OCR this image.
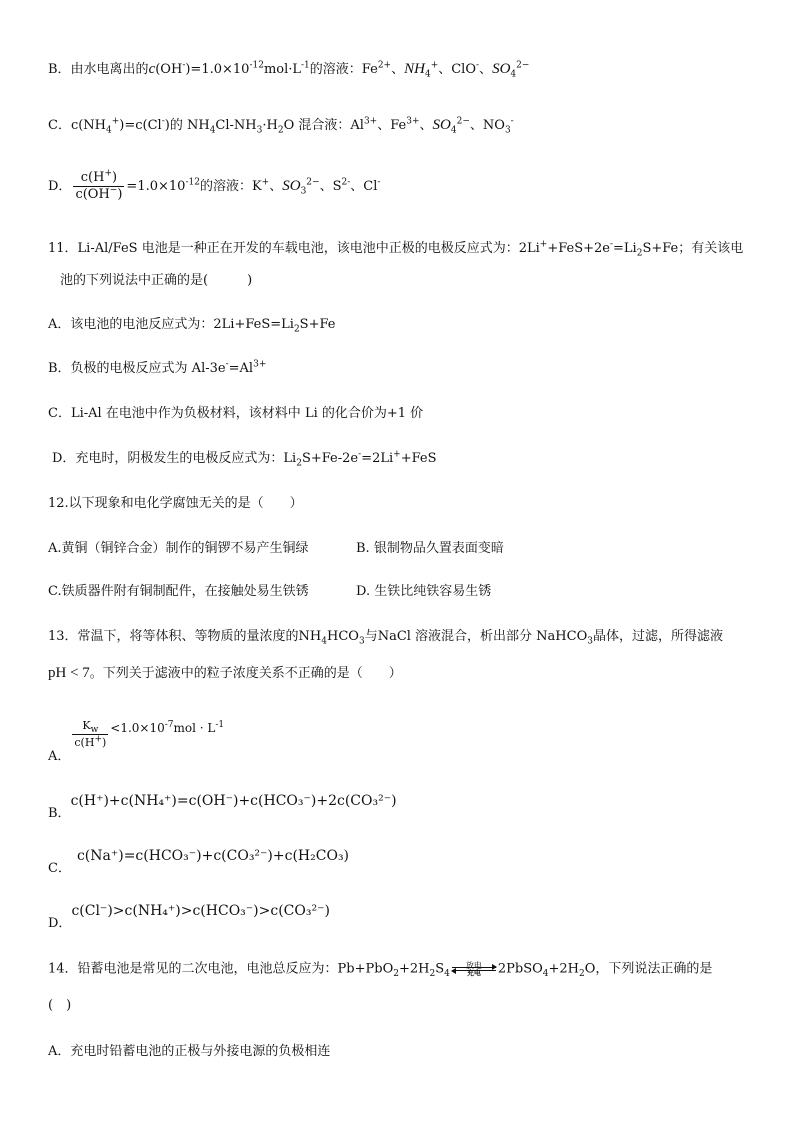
B．由水电离出的$c(OH^-)=1.0\times 10^{-12}mol\cdot L^{-1}$的溶液：$Fe^{2+}$、$NH_4^+$、ClO-、$SO_4^{2-}$
C．$c(NH_4^+)=c(Cl^-)$的 $NH_4Cl-NH_3\cdot H_2O$ 混合液：$Al^{3+}$、$Fe^{3+}$、$SO_4^{2-}$、$NO_3^-$
D． $\frac{c(H^+)}{c(OH^-)} =1.0\times 10^{-12}$的溶液：K+、$SO_3^{2-}$、$S^{2-}$、Cl-
11．Li-Al/FeS 电池是一种正在开发的车载电池，该电池中正极的电极反应式为：$2Li^++FeS+2e^-=Li_2S+Fe$；有关该电
池的下列说法中正确的是(　　　)
A．该电池的电池反应式为：$2Li+FeS=Li_2S+Fe$
B．负极的电极反应式为 $Al-3e^-=Al^{3+}$
C．Li-Al 在电池中作为负极材料，该材料中 Li 的化合价为+1 价
D．充电时，阴极发生的电极反应式为：$Li_2S+Fe-2e^-=2Li^++FeS$
12.以下现象和电化学腐蚀无关的是（　　）
A.黄铜（铜锌合金）制作的铜锣不易产生铜绿	B. 银制物品久置表面变暗
C.铁质器件附有铜制配件，在接触处易生铁锈	D. 生铁比纯铁容易生锈
13．常温下，将等体积、等物质的量浓度的$NH_4HCO_3$与NaCl 溶液混合，析出部分 NaHCO$_3$晶体，过滤，所得滤液
pH < 7。下列关于滤液中的粒子浓度关系不正确的是（　　）
A．
$\frac{K_w}{c(H^+)} <1.0\times 10^{-7}mol \cdot L^{-1}$
B．c(H⁺)+c(NH₄⁺)=c(OH⁻)+c(HCO₃⁻)+2c(CO₃²⁻)
C．c(Na⁺)=c(HCO₃⁻)+c(CO₃²⁻)+c(H₂CO₃)
D．c(Cl⁻)>c(NH₄⁺)>c(HCO₃⁻)>c(CO₃²⁻)
14．铅蓄电池是常见的二次电池，电池总反应为：$Pb+PbO_2+2H_2S_4$
放电
充电	$2PbSO_4+2H_2O$，下列说法正确的是
(　)
A．充电时铅蓄电池的正极与外接电源的负极相连
